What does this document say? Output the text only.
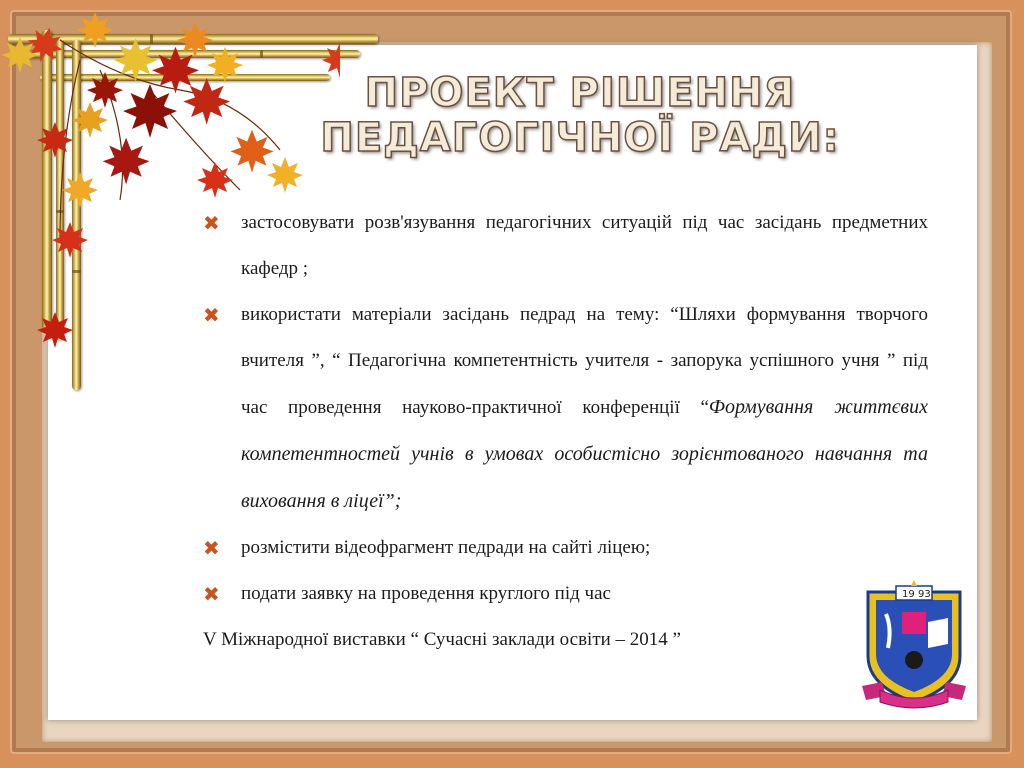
ПРОЕКТ РІШЕННЯ
ПЕДАГОГІЧНОЇ РАДИ:
✖	застосовувати розв'язування педагогічних ситуацій під час засідань предметних кафедр ;
✖	використати матеріали засідань педрад на тему: “Шляхи формування творчого вчителя ”, “ Педагогічна компетентність учителя - запорука успішного учня ” під час проведення науково-практичної конференції “Формування життєвих компетентностей учнів в умовах особистісно зорієнтованого навчання та виховання в ліцеї”;
✖	розмістити відеофрагмент педради на сайті ліцею;
✖	подати заявку на проведення круглого під час
V Міжнародної виставки “ Сучасні заклади освіти – 2014 ”
19 93
